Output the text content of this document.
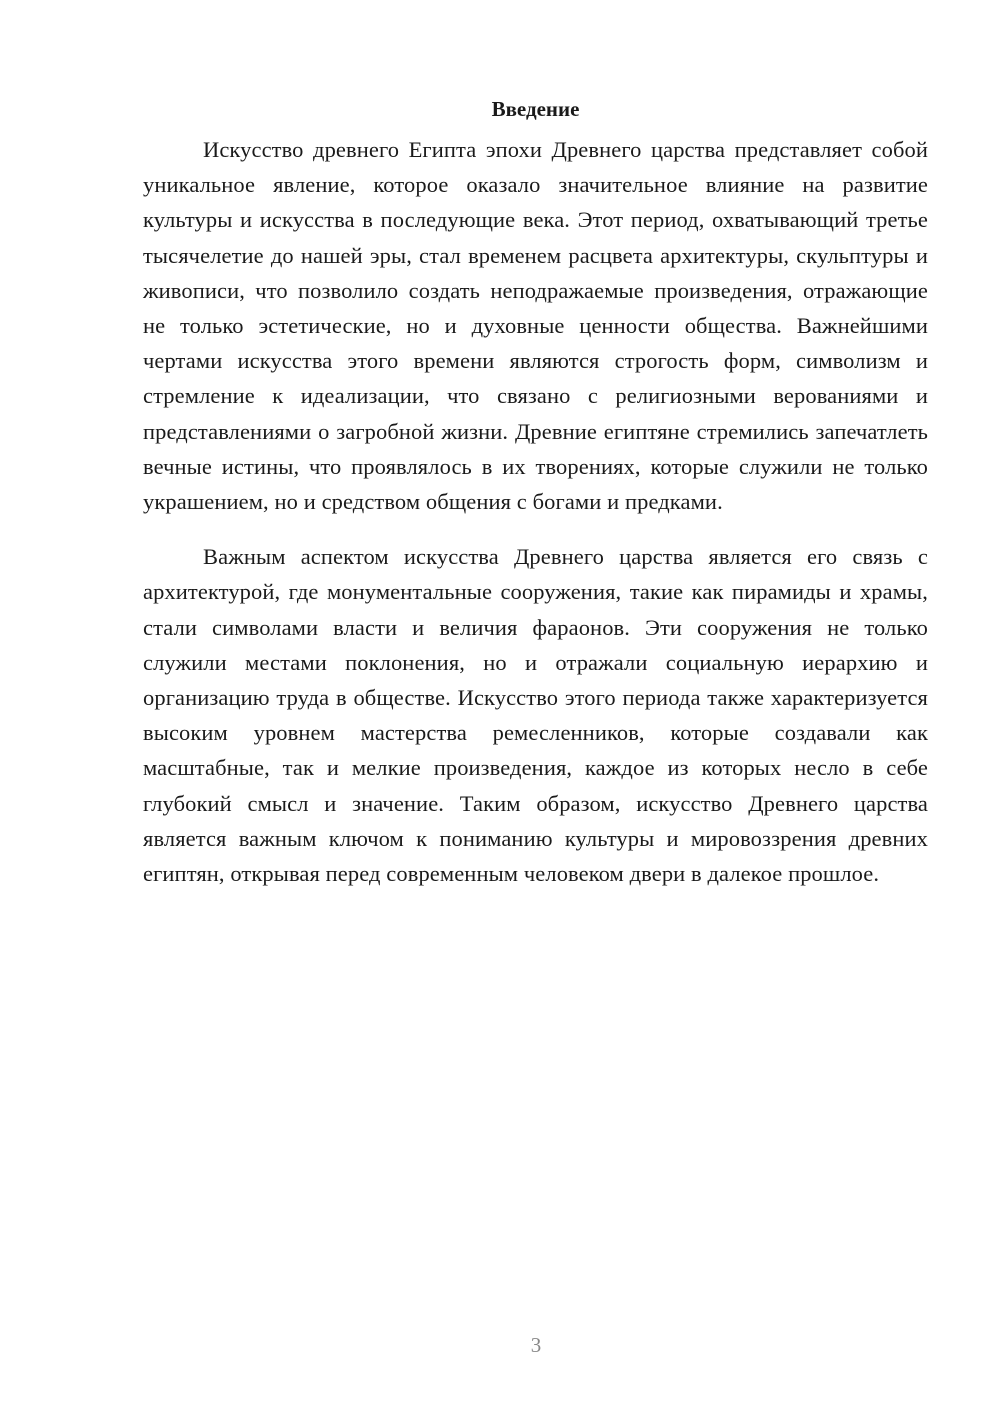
Введение

Искусство древнего Египта эпохи Древнего царства представляет собой уникальное явление, которое оказало значительное влияние на развитие культуры и искусства в последующие века. Этот период, охватывающий третье тысячелетие до нашей эры, стал временем расцвета архитектуры, скульптуры и живописи, что позволило создать неподражаемые произведения, отражающие не только эстетические, но и духовные ценности общества. Важнейшими чертами искусства этого времени являются строгость форм, символизм и стремление к идеализации, что связано с религиозными верованиями и представлениями о загробной жизни. Древние египтяне стремились запечатлеть вечные истины, что проявлялось в их творениях, которые служили не только украшением, но и средством общения с богами и предками.

Важным аспектом искусства Древнего царства является его связь с архитектурой, где монументальные сооружения, такие как пирамиды и храмы, стали символами власти и величия фараонов. Эти сооружения не только служили местами поклонения, но и отражали социальную иерархию и организацию труда в обществе. Искусство этого периода также характеризуется высоким уровнем мастерства ремесленников, которые создавали как масштабные, так и мелкие произведения, каждое из которых несло в себе глубокий смысл и значение. Таким образом, искусство Древнего царства является важным ключом к пониманию культуры и мировоззрения древних египтян, открывая перед современным человеком двери в далекое прошлое.

3
